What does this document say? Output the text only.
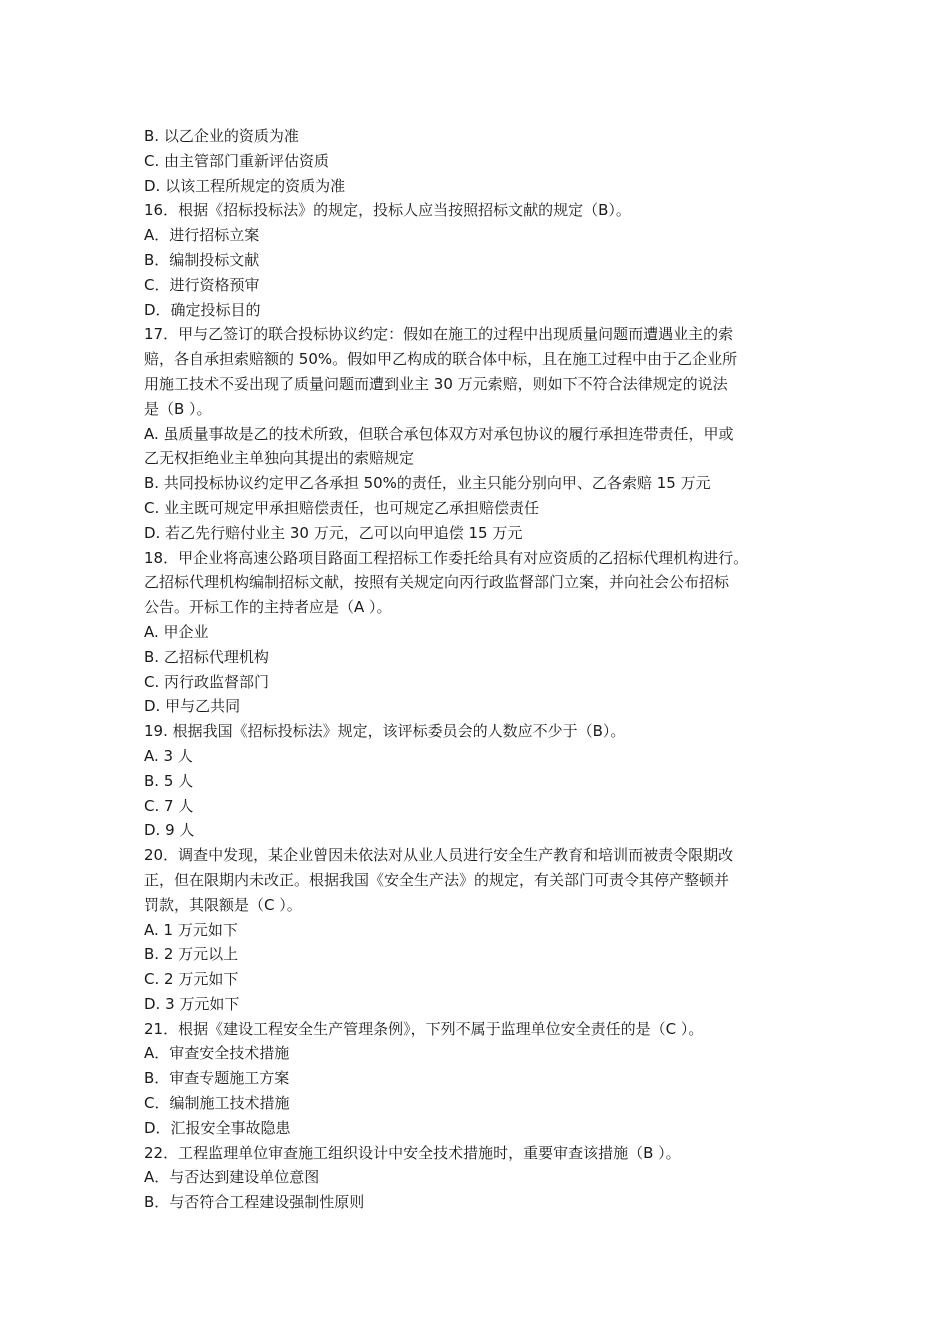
B. 以乙企业的资质为准
C. 由主管部门重新评估资质
D. 以该工程所规定的资质为准
16．根据《招标投标法》的规定，投标人应当按照招标文献的规定（B）。
A．进行招标立案
B．编制投标文献
C．进行资格预审
D．确定投标目的
17．甲与乙签订的联合投标协议约定：假如在施工的过程中出现质量问题而遭遇业主的索
赔，各自承担索赔额的 50%。假如甲乙构成的联合体中标，且在施工过程中由于乙企业所
用施工技术不妥出现了质量问题而遭到业主 30 万元索赔，则如下不符合法律规定的说法
是（B ）。
A. 虽质量事故是乙的技术所致，但联合承包体双方对承包协议的履行承担连带责任，甲或
乙无权拒绝业主单独向其提出的索赔规定
B. 共同投标协议约定甲乙各承担 50%的责任，业主只能分别向甲、乙各索赔 15 万元
C. 业主既可规定甲承担赔偿责任，也可规定乙承担赔偿责任
D. 若乙先行赔付业主 30 万元，乙可以向甲追偿 15 万元
18．甲企业将高速公路项目路面工程招标工作委托给具有对应资质的乙招标代理机构进行。
乙招标代理机构编制招标文献，按照有关规定向丙行政监督部门立案，并向社会公布招标
公告。开标工作的主持者应是（A ）。
A. 甲企业
B. 乙招标代理机构
C. 丙行政监督部门
D. 甲与乙共同
19. 根据我国《招标投标法》规定，该评标委员会的人数应不少于（B）。
A. 3 人
B. 5 人
C. 7 人
D. 9 人
20．调查中发现，某企业曾因未依法对从业人员进行安全生产教育和培训而被责令限期改
正，但在限期内未改正。根据我国《安全生产法》的规定，有关部门可责令其停产整顿并
罚款，其限额是（C ）。
A. 1 万元如下
B. 2 万元以上
C. 2 万元如下
D. 3 万元如下
21．根据《建设工程安全生产管理条例》，下列不属于监理单位安全责任的是（C ）。
A．审查安全技术措施
B．审查专题施工方案
C．编制施工技术措施
D．汇报安全事故隐患
22．工程监理单位审查施工组织设计中安全技术措施时，重要审查该措施（B ）。
A．与否达到建设单位意图
B．与否符合工程建设强制性原则
